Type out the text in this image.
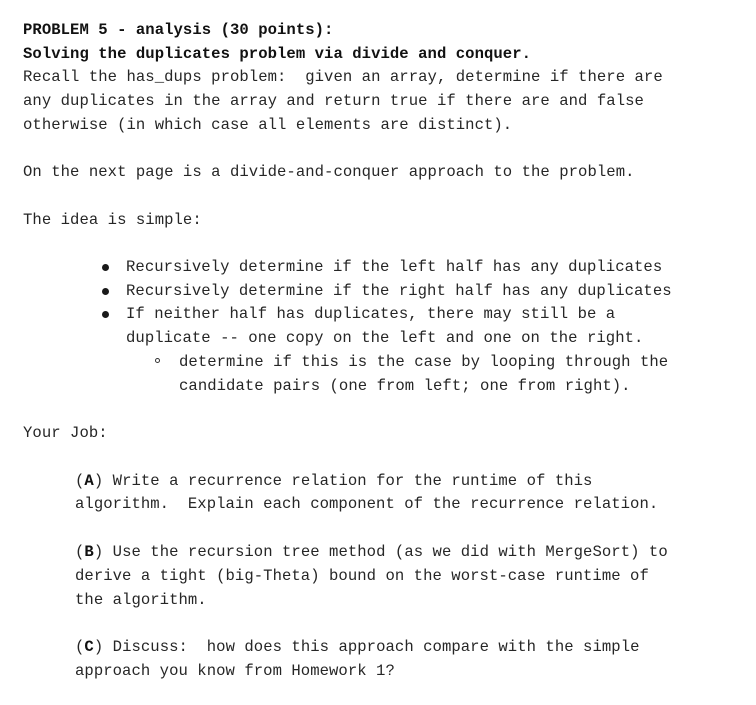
PROBLEM 5 - analysis (30 points):
Solving the duplicates problem via divide and conquer.
Recall the has_dups problem:  given an array, determine if there are
any duplicates in the array and return true if there are and false
otherwise (in which case all elements are distinct).
On the next page is a divide-and-conquer approach to the problem.
The idea is simple:
Recursively determine if the left half has any duplicates
Recursively determine if the right half has any duplicates
If neither half has duplicates, there may still be a
duplicate -- one copy on the left and one on the right.
determine if this is the case by looping through the
candidate pairs (one from left; one from right).
Your Job:
(A) Write a recurrence relation for the runtime of this
algorithm.  Explain each component of the recurrence relation.
(B) Use the recursion tree method (as we did with MergeSort) to
derive a tight (big-Theta) bound on the worst-case runtime of
the algorithm.
(C) Discuss:  how does this approach compare with the simple
approach you know from Homework 1?
